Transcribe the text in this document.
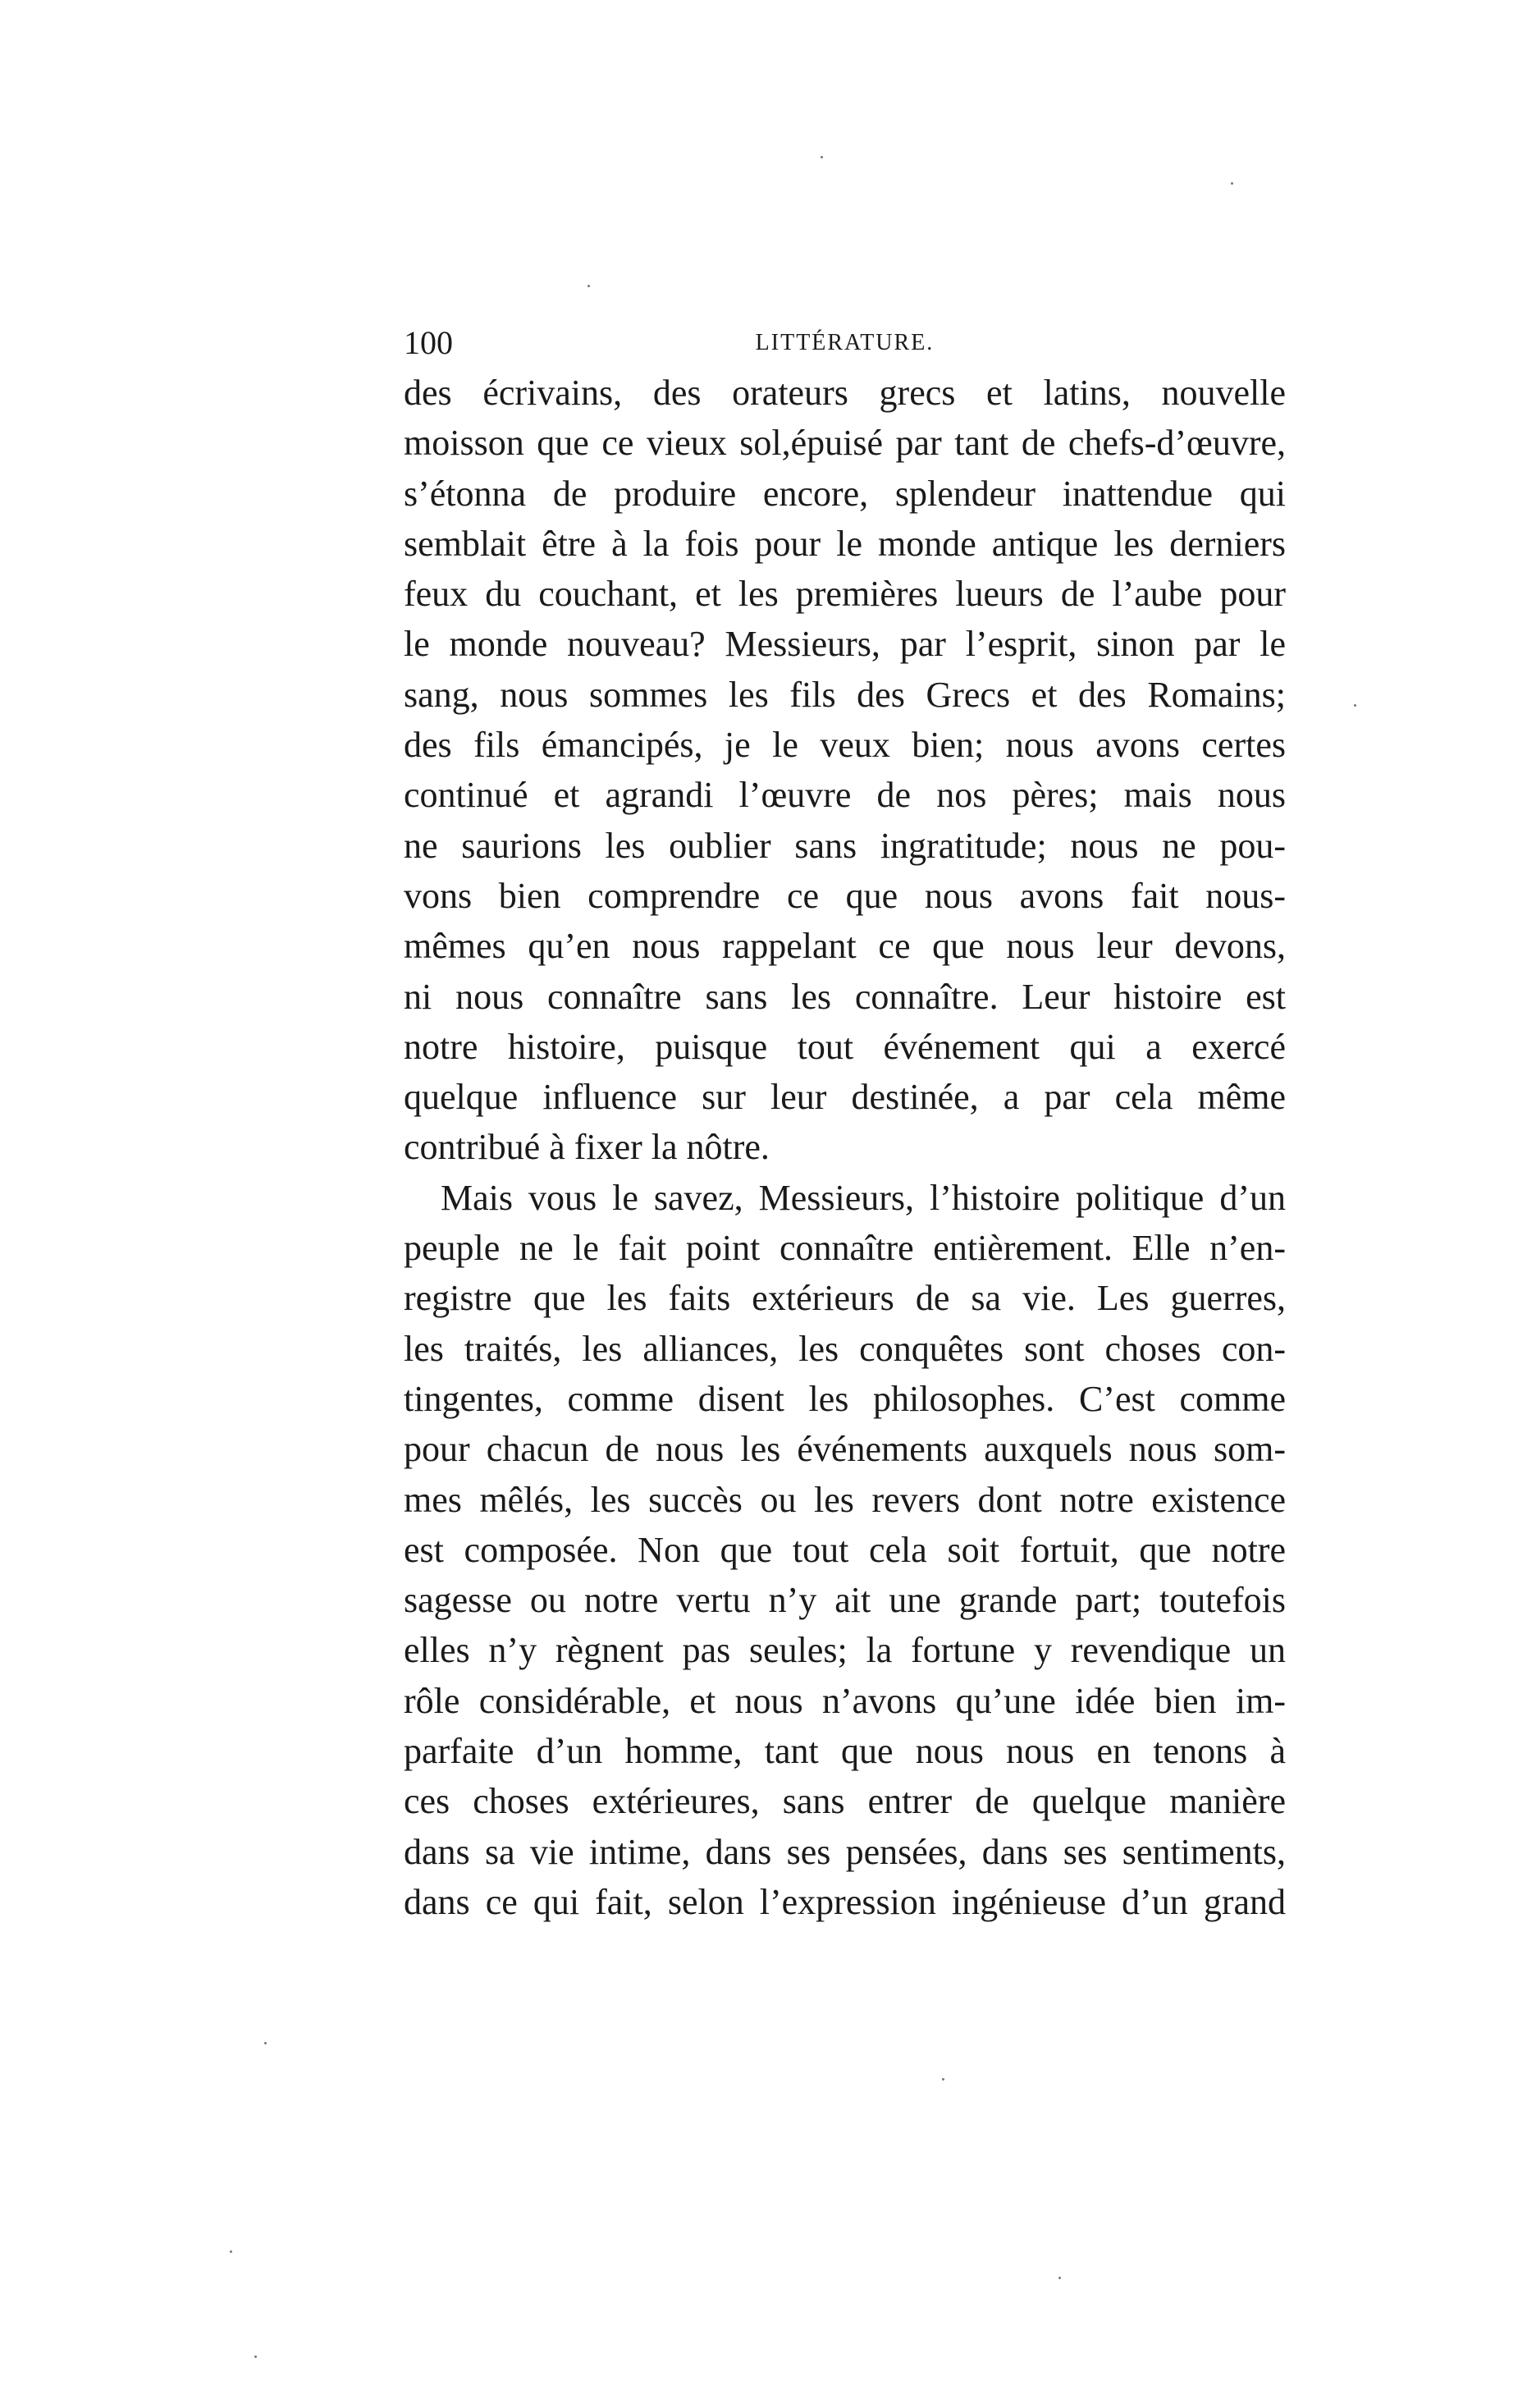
100	LITTÉRATURE.
des écrivains, des orateurs grecs et latins, nouvelle
moisson que ce vieux sol,épuisé par tant de chefs-d’œuvre,
s’étonna de produire encore, splendeur inattendue qui
semblait être à la fois pour le monde antique les derniers
feux du couchant, et les premières lueurs de l’aube pour
le monde nouveau? Messieurs, par l’esprit, sinon par le
sang, nous sommes les fils des Grecs et des Romains;
des fils émancipés, je le veux bien; nous avons certes
continué et agrandi l’œuvre de nos pères; mais nous
ne saurions les oublier sans ingratitude; nous ne pou-
vons bien comprendre ce que nous avons fait nous-
mêmes qu’en nous rappelant ce que nous leur devons,
ni nous connaître sans les connaître. Leur histoire est
notre histoire, puisque tout événement qui a exercé
quelque influence sur leur destinée, a par cela même
contribué à fixer la nôtre.
Mais vous le savez, Messieurs, l’histoire politique d’un
peuple ne le fait point connaître entièrement. Elle n’en-
registre que les faits extérieurs de sa vie. Les guerres,
les traités, les alliances, les conquêtes sont choses con-
tingentes, comme disent les philosophes. C’est comme
pour chacun de nous les événements auxquels nous som-
mes mêlés, les succès ou les revers dont notre existence
est composée. Non que tout cela soit fortuit, que notre
sagesse ou notre vertu n’y ait une grande part; toutefois
elles n’y règnent pas seules; la fortune y revendique un
rôle considérable, et nous n’avons qu’une idée bien im-
parfaite d’un homme, tant que nous nous en tenons à
ces choses extérieures, sans entrer de quelque manière
dans sa vie intime, dans ses pensées, dans ses sentiments,
dans ce qui fait, selon l’expression ingénieuse d’un grand
